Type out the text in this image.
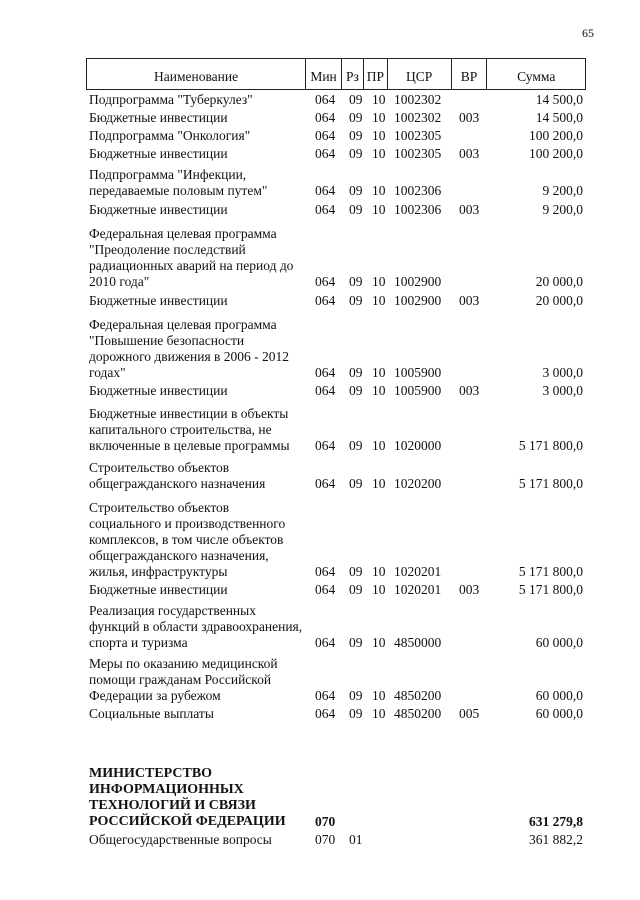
65
Наименование	Мин Рз ПР	ЦСР	ВР	Сумма
Подпрограмма "Туберкулез"	064 09 10 1002302	14 500,0
Бюджетные инвестиции	064 09 10 1002302 003	14 500,0
Подпрограмма "Онкология"	064 09 10 1002305	100 200,0
Бюджетные инвестиции	064 09 10 1002305 003	100 200,0
Подпрограмма "Инфекции, передаваемые половым путем"	064 09 10 1002306	9 200,0
Бюджетные инвестиции	064 09 10 1002306 003	9 200,0
Федеральная целевая программа "Преодоление последствий радиационных аварий на период до 2010 года"	064 09 10 1002900	20 000,0
Бюджетные инвестиции	064 09 10 1002900 003	20 000,0
Федеральная целевая программа "Повышение безопасности дорожного движения в 2006 - 2012 годах"	064 09 10 1005900	3 000,0
Бюджетные инвестиции	064 09 10 1005900 003	3 000,0
Бюджетные инвестиции в объекты капитального строительства, не включенные в целевые программы	064 09 10 1020000	5 171 800,0
Строительство объектов общегражданского назначения	064 09 10 1020200	5 171 800,0
Строительство объектов социального и производственного комплексов, в том числе объектов общегражданского назначения, жилья, инфраструктуры	064 09 10 1020201	5 171 800,0
Бюджетные инвестиции	064 09 10 1020201 003	5 171 800,0
Реализация государственных функций в области здравоохранения, спорта и туризма	064 09 10 4850000	60 000,0
Меры по оказанию медицинской помощи гражданам Российской Федерации за рубежом	064 09 10 4850200	60 000,0
Социальные выплаты	064 09 10 4850200 005	60 000,0
МИНИСТЕРСТВО ИНФОРМАЦИОННЫХ ТЕХНОЛОГИЙ И СВЯЗИ РОССИЙСКОЙ ФЕДЕРАЦИИ	070	631 279,8
Общегосударственные вопросы	070 01	361 882,2
